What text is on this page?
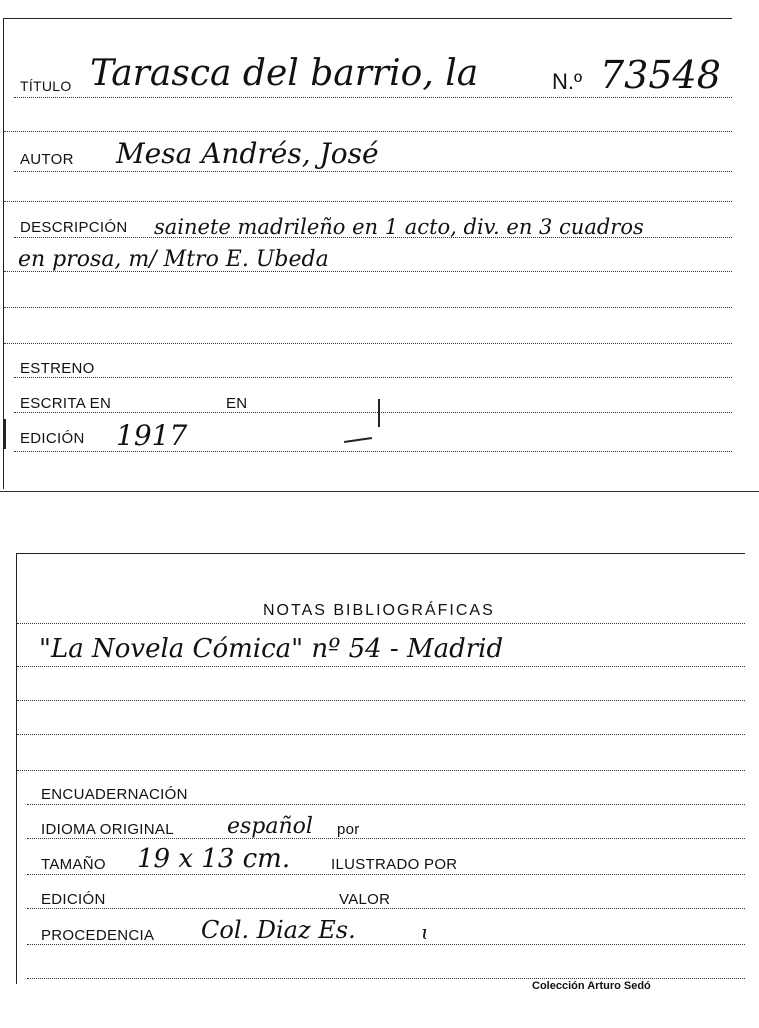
TÍTULO Tarasca del barrio, la	N.º 73548
AUTOR Mesa Andrés, José
DESCRIPCIÓN sainete madrileño en 1 acto, div. en 3 cuadros
en prosa, m/ Mtro E. Ubeda
ESTRENO
ESCRITA EN	EN
EDICIÓN 1917
NOTAS BIBLIOGRÁFICAS
"La Novela Cómica" nº 54 - Madrid
ENCUADERNACIÓN
IDIOMA ORIGINAL español por
TAMAÑO 19 x 13 cm.	ILUSTRADO POR
EDICIÓN	VALOR
PROCEDENCIA Col. Diaz Es.	ɩ
Colección Arturo Sedó
